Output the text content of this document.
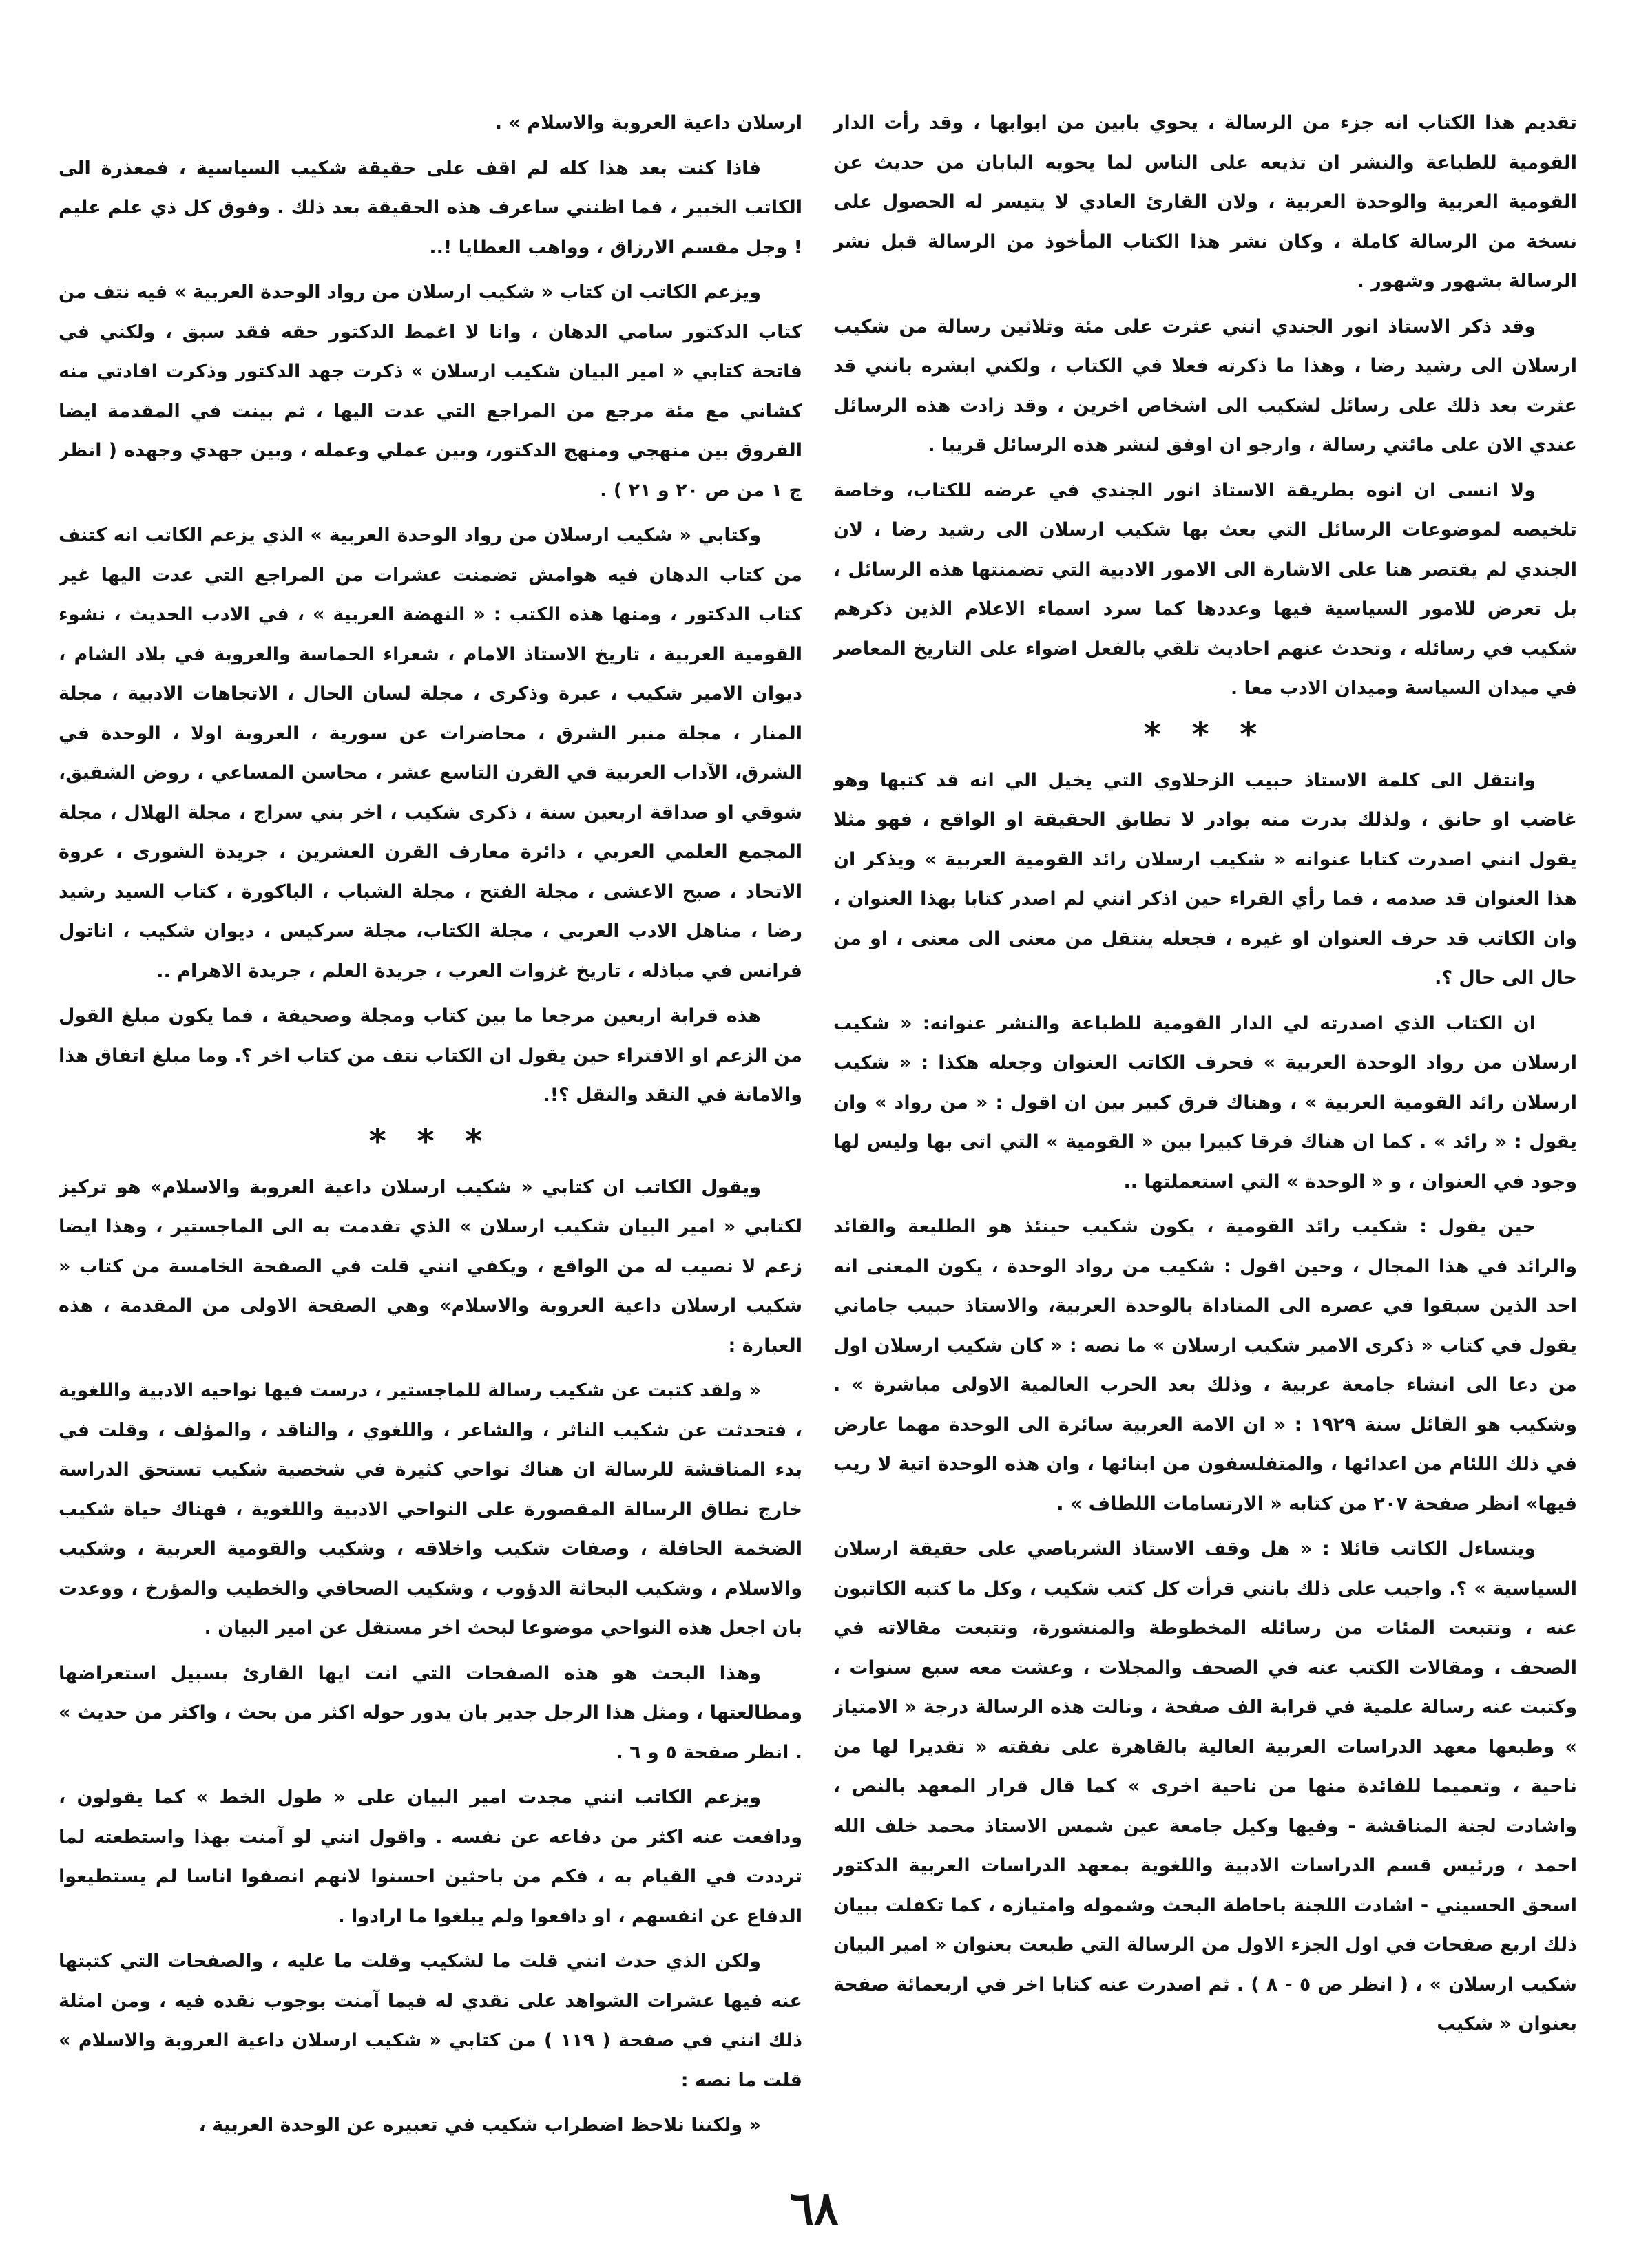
تقديم هذا الكتاب انه جزء من الرسالة ، يحوي بابين من ابوابها ، وقد رأت الدار القومية للطباعة والنشر ان تذيعه على الناس لما يحويه البابان من حديث عن القومية العربية والوحدة العربية ، ولان القارئ العادي لا يتيسر له الحصول على نسخة من الرسالة كاملة ، وكان نشر هذا الكتاب المأخوذ من الرسالة قبل نشر الرسالة بشهور وشهور .

وقد ذكر الاستاذ انور الجندي انني عثرت على مئة وثلاثين رسالة من شكيب ارسلان الى رشيد رضا ، وهذا ما ذكرته فعلا في الكتاب ، ولكني ابشره بانني قد عثرت بعد ذلك على رسائل لشكيب الى اشخاص اخرين ، وقد زادت هذه الرسائل عندي الان على مائتي رسالة ، وارجو ان اوفق لنشر هذه الرسائل قريبا .

ولا انسى ان انوه بطريقة الاستاذ انور الجندي في عرضه للكتاب، وخاصة تلخيصه لموضوعات الرسائل التي بعث بها شكيب ارسلان الى رشيد رضا ، لان الجندي لم يقتصر هنا على الاشارة الى الامور الادبية التي تضمنتها هذه الرسائل ، بل تعرض للامور السياسية فيها وعددها كما سرد اسماء الاعلام الذين ذكرهم شكيب في رسائله ، وتحدث عنهم احاديث تلقي بالفعل اضواء على التاريخ المعاصر في ميدان السياسة وميدان الادب معا .

* * *

وانتقل الى كلمة الاستاذ حبيب الزحلاوي التي يخيل الي انه قد كتبها وهو غاضب او حانق ، ولذلك بدرت منه بوادر لا تطابق الحقيقة او الواقع ، فهو مثلا يقول انني اصدرت كتابا عنوانه « شكيب ارسلان رائد القومية العربية » ويذكر ان هذا العنوان قد صدمه ، فما رأي القراء حين اذكر انني لم اصدر كتابا بهذا العنوان ، وان الكاتب قد حرف العنوان او غيره ، فجعله ينتقل من معنى الى معنى ، او من حال الى حال ؟.

ان الكتاب الذي اصدرته لي الدار القومية للطباعة والنشر عنوانه: « شكيب ارسلان من رواد الوحدة العربية » فحرف الكاتب العنوان وجعله هكذا : « شكيب ارسلان رائد القومية العربية » ، وهناك فرق كبير بين ان اقول : « من رواد » وان يقول : « رائد » . كما ان هناك فرقا كبيرا بين « القومية » التي اتى بها وليس لها وجود في العنوان ، و « الوحدة » التي استعملتها ..

حين يقول : شكيب رائد القومية ، يكون شكيب حينئذ هو الطليعة والقائد والرائد في هذا المجال ، وحين اقول : شكيب من رواد الوحدة ، يكون المعنى انه احد الذين سبقوا في عصره الى المناداة بالوحدة العربية، والاستاذ حبيب جاماني يقول في كتاب « ذكرى الامير شكيب ارسلان » ما نصه : « كان شكيب ارسلان اول من دعا الى انشاء جامعة عربية ، وذلك بعد الحرب العالمية الاولى مباشرة » . وشكيب هو القائل سنة ١٩٢٩ : « ان الامة العربية سائرة الى الوحدة مهما عارض في ذلك اللئام من اعدائها ، والمتفلسفون من ابنائها ، وان هذه الوحدة اتية لا ريب فيها» انظر صفحة ٢٠٧ من كتابه « الارتسامات اللطاف » .

ويتساءل الكاتب قائلا : « هل وقف الاستاذ الشرباصي على حقيقة ارسلان السياسية » ؟. واجيب على ذلك بانني قرأت كل كتب شكيب ، وكل ما كتبه الكاتبون عنه ، وتتبعت المئات من رسائله المخطوطة والمنشورة، وتتبعت مقالاته في الصحف ، ومقالات الكتب عنه في الصحف والمجلات ، وعشت معه سبع سنوات ، وكتبت عنه رسالة علمية في قرابة الف صفحة ، ونالت هذه الرسالة درجة « الامتياز » وطبعها معهد الدراسات العربية العالية بالقاهرة على نفقته « تقديرا لها من ناحية ، وتعميما للفائدة منها من ناحية اخرى » كما قال قرار المعهد بالنص ، واشادت لجنة المناقشة - وفيها وكيل جامعة عين شمس الاستاذ محمد خلف الله احمد ، ورئيس قسم الدراسات الادبية واللغوية بمعهد الدراسات العربية الدكتور اسحق الحسيني - اشادت اللجنة باحاطة البحث وشموله وامتيازه ، كما تكفلت ببيان ذلك اربع صفحات في اول الجزء الاول من الرسالة التي طبعت بعنوان « امير البيان شكيب ارسلان » ، ( انظر ص ٥ - ٨ ) . ثم اصدرت عنه كتابا اخر في اربعمائة صفحة بعنوان « شكيب

ارسلان داعية العروبة والاسلام » .

فاذا كنت بعد هذا كله لم اقف على حقيقة شكيب السياسية ، فمعذرة الى الكاتب الخبير ، فما اظنني ساعرف هذه الحقيقة بعد ذلك . وفوق كل ذي علم عليم ! وجل مقسم الارزاق ، وواهب العطايا !..

ويزعم الكاتب ان كتاب « شكيب ارسلان من رواد الوحدة العربية » فيه نتف من كتاب الدكتور سامي الدهان ، وانا لا اغمط الدكتور حقه فقد سبق ، ولكني في فاتحة كتابي « امير البيان شكيب ارسلان » ذكرت جهد الدكتور وذكرت افادتي منه كشاني مع مئة مرجع من المراجع التي عدت اليها ، ثم بينت في المقدمة ايضا الفروق بين منهجي ومنهج الدكتور، وبين عملي وعمله ، وبين جهدي وجهده ( انظر ج ١ من ص ٢٠ و ٢١ ) .

وكتابي « شكيب ارسلان من رواد الوحدة العربية » الذي يزعم الكاتب انه كتنف من كتاب الدهان فيه هوامش تضمنت عشرات من المراجع التي عدت اليها غير كتاب الدكتور ، ومنها هذه الكتب : « النهضة العربية » ، في الادب الحديث ، نشوء القومية العربية ، تاريخ الاستاذ الامام ، شعراء الحماسة والعروبة في بلاد الشام ، ديوان الامير شكيب ، عبرة وذكرى ، مجلة لسان الحال ، الاتجاهات الادبية ، مجلة المنار ، مجلة منبر الشرق ، محاضرات عن سورية ، العروبة اولا ، الوحدة في الشرق، الآداب العربية في القرن التاسع عشر ، محاسن المساعي ، روض الشقيق، شوقي او صداقة اربعين سنة ، ذكرى شكيب ، اخر بني سراج ، مجلة الهلال ، مجلة المجمع العلمي العربي ، دائرة معارف القرن العشرين ، جريدة الشورى ، عروة الاتحاد ، صبح الاعشى ، مجلة الفتح ، مجلة الشباب ، الباكورة ، كتاب السيد رشيد رضا ، مناهل الادب العربي ، مجلة الكتاب، مجلة سركيس ، ديوان شكيب ، اناتول فرانس في مباذله ، تاريخ غزوات العرب ، جريدة العلم ، جريدة الاهرام ..

هذه قرابة اربعين مرجعا ما بين كتاب ومجلة وصحيفة ، فما يكون مبلغ القول من الزعم او الافتراء حين يقول ان الكتاب نتف من كتاب اخر ؟. وما مبلغ اتفاق هذا والامانة في النقد والنقل ؟!.

* * *

ويقول الكاتب ان كتابي « شكيب ارسلان داعية العروبة والاسلام» هو تركيز لكتابي « امير البيان شكيب ارسلان » الذي تقدمت به الى الماجستير ، وهذا ايضا زعم لا نصيب له من الواقع ، ويكفي انني قلت في الصفحة الخامسة من كتاب « شكيب ارسلان داعية العروبة والاسلام» وهي الصفحة الاولى من المقدمة ، هذه العبارة :

« ولقد كتبت عن شكيب رسالة للماجستير ، درست فيها نواحيه الادبية واللغوية ، فتحدثت عن شكيب الناثر ، والشاعر ، واللغوي ، والناقد ، والمؤلف ، وقلت في بدء المناقشة للرسالة ان هناك نواحي كثيرة في شخصية شكيب تستحق الدراسة خارج نطاق الرسالة المقصورة على النواحي الادبية واللغوية ، فهناك حياة شكيب الضخمة الحافلة ، وصفات شكيب واخلاقه ، وشكيب والقومية العربية ، وشكيب والاسلام ، وشكيب البحاثة الدؤوب ، وشكيب الصحافي والخطيب والمؤرخ ، ووعدت بان اجعل هذه النواحي موضوعا لبحث اخر مستقل عن امير البيان .

وهذا البحث هو هذه الصفحات التي انت ايها القارئ بسبيل استعراضها ومطالعتها ، ومثل هذا الرجل جدير بان يدور حوله اكثر من بحث ، واكثر من حديث » . انظر صفحة ٥ و ٦ .

ويزعم الكاتب انني مجدت امير البيان على « طول الخط » كما يقولون ، ودافعت عنه اكثر من دفاعه عن نفسه . واقول انني لو آمنت بهذا واستطعته لما ترددت في القيام به ، فكم من باحثين احسنوا لانهم انصفوا اناسا لم يستطيعوا الدفاع عن انفسهم ، او دافعوا ولم يبلغوا ما ارادوا .

ولكن الذي حدث انني قلت ما لشكيب وقلت ما عليه ، والصفحات التي كتبتها عنه فيها عشرات الشواهد على نقدي له فيما آمنت بوجوب نقده فيه ، ومن امثلة ذلك انني في صفحة ( ١١٩ ) من كتابي « شكيب ارسلان داعية العروبة والاسلام » قلت ما نصه :

« ولكننا نلاحظ اضطراب شكيب في تعبيره عن الوحدة العربية ،

٦٨
